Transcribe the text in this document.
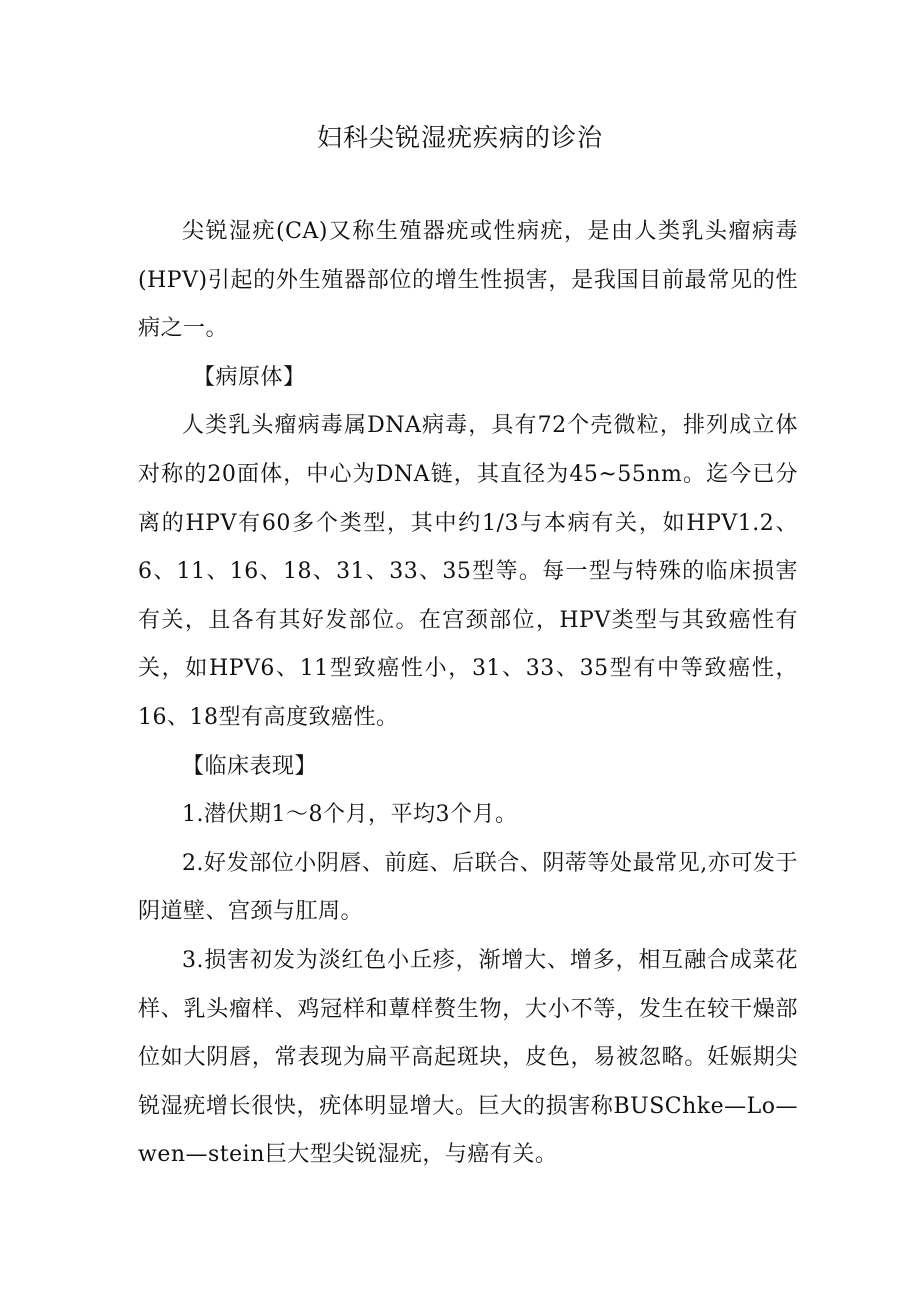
妇科尖锐湿疣疾病的诊治

尖锐湿疣(CA)又称生殖器疣或性病疣，是由人类乳头瘤病毒(HPV)引起的外生殖器部位的增生性损害，是我国目前最常见的性病之一。

【病原体】

人类乳头瘤病毒属DNA病毒，具有72个壳微粒，排列成立体对称的20面体，中心为DNA链，其直径为45~55nm。迄今已分离的HPV有60多个类型，其中约1/3与本病有关，如HPV1.2、6、11、16、18、31、33、35型等。每一型与特殊的临床损害有关，且各有其好发部位。在宫颈部位，HPV类型与其致癌性有关，如HPV6、11型致癌性小，31、33、35型有中等致癌性，16、18型有高度致癌性。

【临床表现】

1.潜伏期1～8个月，平均3个月。

2.好发部位小阴唇、前庭、后联合、阴蒂等处最常见,亦可发于阴道壁、宫颈与肛周。

3.损害初发为淡红色小丘疹，渐增大、增多，相互融合成菜花样、乳头瘤样、鸡冠样和蕈样赘生物，大小不等，发生在较干燥部位如大阴唇，常表现为扁平高起斑块，皮色，易被忽略。妊娠期尖锐湿疣增长很快，疣体明显增大。巨大的损害称BUSChke—Lo—wen—stein巨大型尖锐湿疣，与癌有关。
